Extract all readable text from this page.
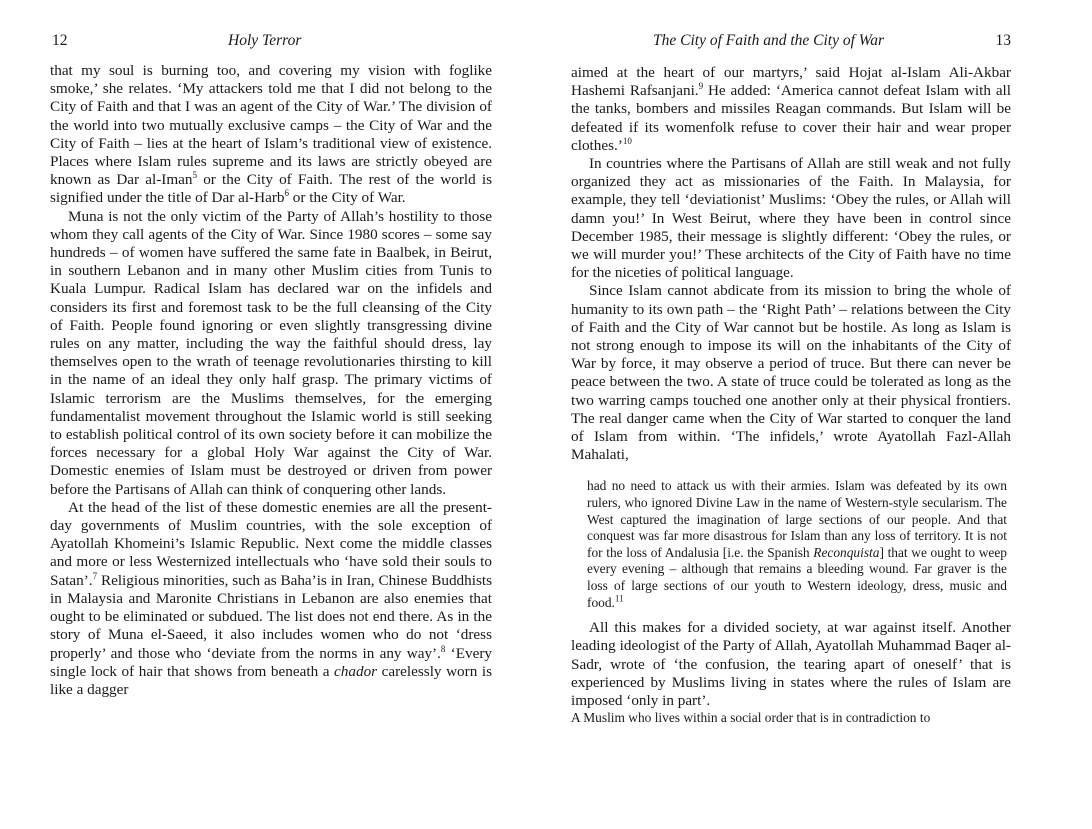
12	Holy Terror

that my soul is burning too, and covering my vision with foglike smoke,’ she relates. ‘My attackers told me that I did not belong to the City of Faith and that I was an agent of the City of War.’ The division of the world into two mutually exclusive camps – the City of War and the City of Faith – lies at the heart of Islam’s traditional view of existence. Places where Islam rules supreme and its laws are strictly obeyed are known as Dar al-Iman$^5$ or the City of Faith. The rest of the world is signified under the title of Dar al-Harb$^6$ or the City of War.

Muna is not the only victim of the Party of Allah’s hostility to those whom they call agents of the City of War. Since 1980 scores – some say hundreds – of women have suffered the same fate in Baalbek, in Beirut, in southern Lebanon and in many other Muslim cities from Tunis to Kuala Lumpur. Radical Islam has declared war on the infidels and considers its first and foremost task to be the full cleansing of the City of Faith. People found ignoring or even slightly transgressing divine rules on any matter, including the way the faithful should dress, lay themselves open to the wrath of teenage revolutionaries thirsting to kill in the name of an ideal they only half grasp. The primary victims of Islamic terrorism are the Muslims themselves, for the emerging fundamentalist movement throughout the Islamic world is still seeking to establish political control of its own society before it can mobilize the forces necessary for a global Holy War against the City of War. Domestic enemies of Islam must be destroyed or driven from power before the Partisans of Allah can think of conquering other lands.

At the head of the list of these domestic enemies are all the present-day governments of Muslim countries, with the sole exception of Ayatollah Khomeini’s Islamic Republic. Next come the middle classes and more or less Westernized intellectuals who ‘have sold their souls to Satan’.$^7$ Religious minorities, such as Baha’is in Iran, Chinese Buddhists in Malaysia and Maronite Christians in Lebanon are also enemies that ought to be eliminated or subdued. The list does not end there. As in the story of Muna el-Saeed, it also includes women who do not ‘dress properly’ and those who ‘deviate from the norms in any way’.$^8$ ‘Every single lock of hair that shows from beneath a chador carelessly worn is like a dagger

The City of Faith and the City of War	13

aimed at the heart of our martyrs,’ said Hojat al-Islam Ali-Akbar Hashemi Rafsanjani.$^9$ He added: ‘America cannot defeat Islam with all the tanks, bombers and missiles Reagan commands. But Islam will be defeated if its womenfolk refuse to cover their hair and wear proper clothes.’$^{10}$

In countries where the Partisans of Allah are still weak and not fully organized they act as missionaries of the Faith. In Malaysia, for example, they tell ‘deviationist’ Muslims: ‘Obey the rules, or Allah will damn you!’ In West Beirut, where they have been in control since December 1985, their message is slightly different: ‘Obey the rules, or we will murder you!’ These architects of the City of Faith have no time for the niceties of political language.

Since Islam cannot abdicate from its mission to bring the whole of humanity to its own path – the ‘Right Path’ – relations between the City of Faith and the City of War cannot but be hostile. As long as Islam is not strong enough to impose its will on the inhabitants of the City of War by force, it may observe a period of truce. But there can never be peace between the two. A state of truce could be tolerated as long as the two warring camps touched one another only at their physical frontiers. The real danger came when the City of War started to conquer the land of Islam from within. ‘The infidels,’ wrote Ayatollah Fazl-Allah Mahalati,

had no need to attack us with their armies. Islam was defeated by its own rulers, who ignored Divine Law in the name of Western-style secularism. The West captured the imagination of large sections of our people. And that conquest was far more disastrous for Islam than any loss of territory. It is not for the loss of Andalusia [i.e. the Spanish Reconquista] that we ought to weep every evening – although that remains a bleeding wound. Far graver is the loss of large sections of our youth to Western ideology, dress, music and food.$^{11}$

All this makes for a divided society, at war against itself. Another leading ideologist of the Party of Allah, Ayatollah Muhammad Baqer al-Sadr, wrote of ‘the confusion, the tearing apart of oneself’ that is experienced by Muslims living in states where the rules of Islam are imposed ‘only in part’.

A Muslim who lives within a social order that is in contradiction to
